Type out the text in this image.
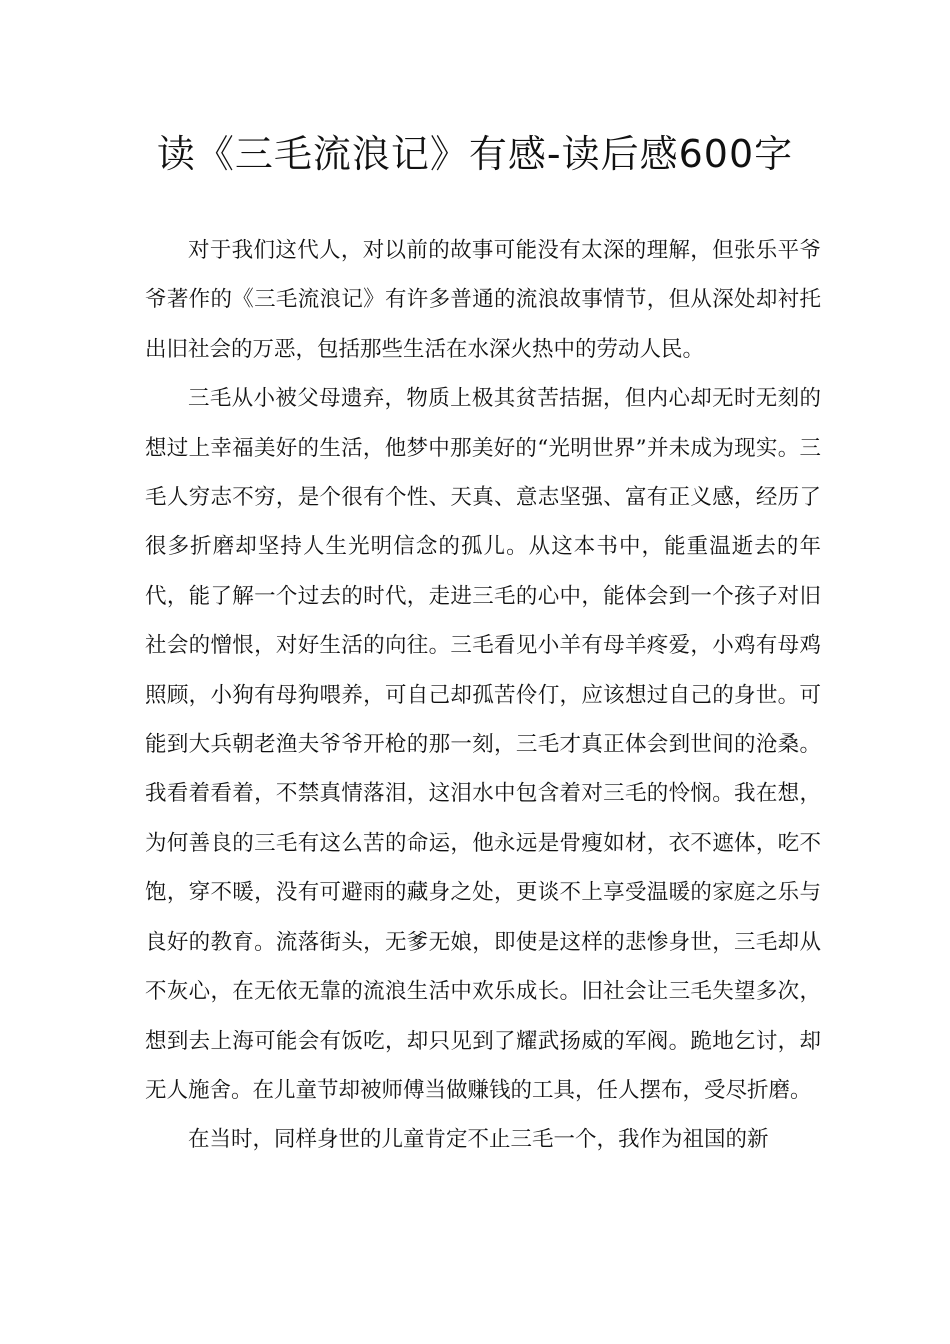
读《三毛流浪记》有感-读后感600字

对于我们这代人，对以前的故事可能没有太深的理解，但张乐平爷爷著作的《三毛流浪记》有许多普通的流浪故事情节，但从深处却衬托出旧社会的万恶，包括那些生活在水深火热中的劳动人民。

三毛从小被父母遗弃，物质上极其贫苦拮据，但内心却无时无刻的想过上幸福美好的生活，他梦中那美好的“光明世界”并未成为现实。三毛人穷志不穷，是个很有个性、天真、意志坚强、富有正义感，经历了很多折磨却坚持人生光明信念的孤儿。从这本书中，能重温逝去的年代，能了解一个过去的时代，走进三毛的心中，能体会到一个孩子对旧社会的憎恨，对好生活的向往。三毛看见小羊有母羊疼爱，小鸡有母鸡照顾，小狗有母狗喂养，可自己却孤苦伶仃，应该想过自己的身世。可能到大兵朝老渔夫爷爷开枪的那一刻，三毛才真正体会到世间的沧桑。我看着看着，不禁真情落泪，这泪水中包含着对三毛的怜悯。我在想，为何善良的三毛有这么苦的命运，他永远是骨瘦如材，衣不遮体，吃不饱，穿不暖，没有可避雨的藏身之处，更谈不上享受温暖的家庭之乐与良好的教育。流落街头，无爹无娘，即使是这样的悲惨身世，三毛却从不灰心，在无依无靠的流浪生活中欢乐成长。旧社会让三毛失望多次，想到去上海可能会有饭吃，却只见到了耀武扬威的军阀。跪地乞讨，却无人施舍。在儿童节却被师傅当做赚钱的工具，任人摆布，受尽折磨。

在当时，同样身世的儿童肯定不止三毛一个，我作为祖国的新
